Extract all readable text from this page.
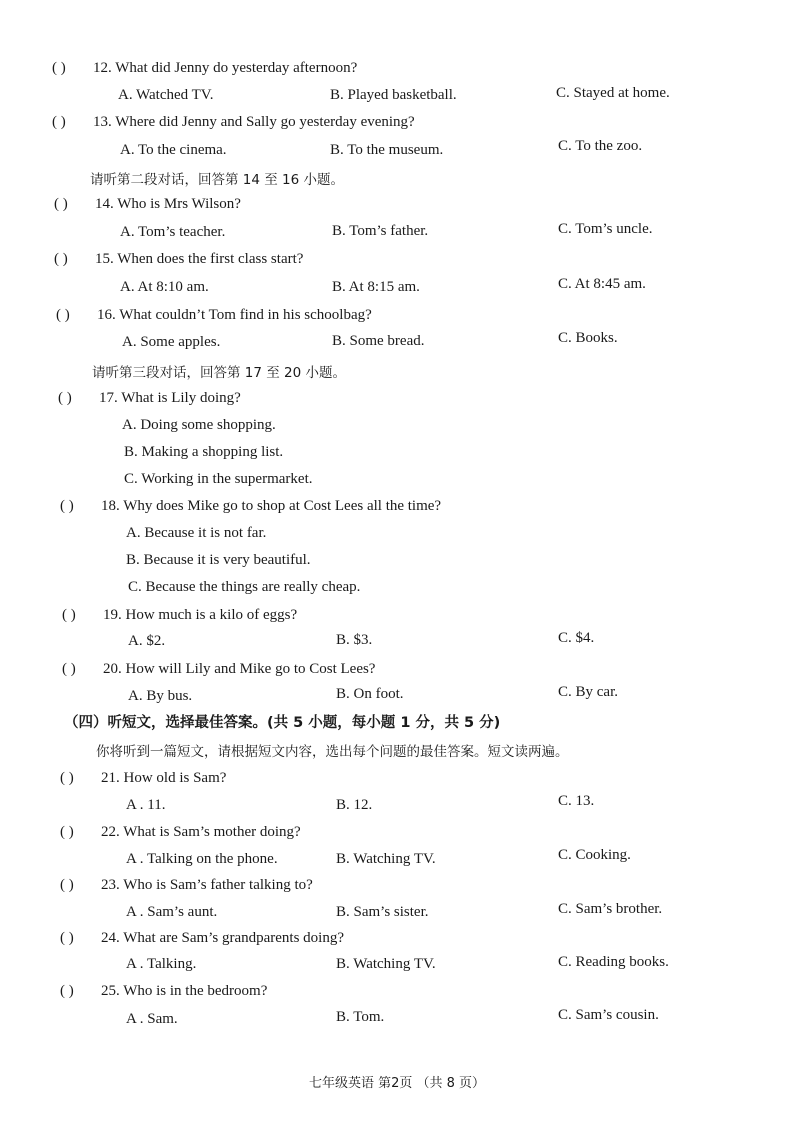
( ) 12. What did Jenny do yesterday afternoon?
A. Watched TV.	B. Played basketball.	C. Stayed at home.
( ) 13. Where did Jenny and Sally go yesterday evening?
A. To the cinema.	B. To the museum.	C. To the zoo.
请听第二段对话，回答第 14 至 16 小题。
( ) 14. Who is Mrs Wilson?
A. Tom’s teacher.	B. Tom’s father.	C. Tom’s uncle.
( ) 15. When does the first class start?
A. At 8:10 am.	B. At 8:15 am.	C. At 8:45 am.
( ) 16. What couldn’t Tom find in his schoolbag?
A. Some apples.	B. Some bread.	C. Books.
请听第三段对话，回答第 17 至 20 小题。
( ) 17. What is Lily doing?
A. Doing some shopping.
B. Making a shopping list.
C. Working in the supermarket.
( ) 18. Why does Mike go to shop at Cost Lees all the time?
A. Because it is not far.
B. Because it is very beautiful.
C. Because the things are really cheap.
( ) 19. How much is a kilo of eggs?
A. $2.	B. $3.	C. $4.
( ) 20. How will Lily and Mike go to Cost Lees?
A. By bus.	B. On foot.	C. By car.
（四）听短文，选择最佳答案。(共 5 小题，每小题 1 分，共 5 分)
你将听到一篇短文，请根据短文内容，选出每个问题的最佳答案。短文读两遍。
( ) 21. How old is Sam?
A . 11.	B. 12.	C. 13.
( ) 22. What is Sam’s mother doing?
A . Talking on the phone.	B. Watching TV.	C. Cooking.
( ) 23. Who is Sam’s father talking to?
A . Sam’s aunt.	B. Sam’s sister.	C. Sam’s brother.
( ) 24. What are Sam’s grandparents doing?
A . Talking.	B. Watching TV.	C. Reading books.
( ) 25. Who is in the bedroom?
A . Sam.	B. Tom.	C. Sam’s cousin.
七年级英语 第2页 （共 8 页）
